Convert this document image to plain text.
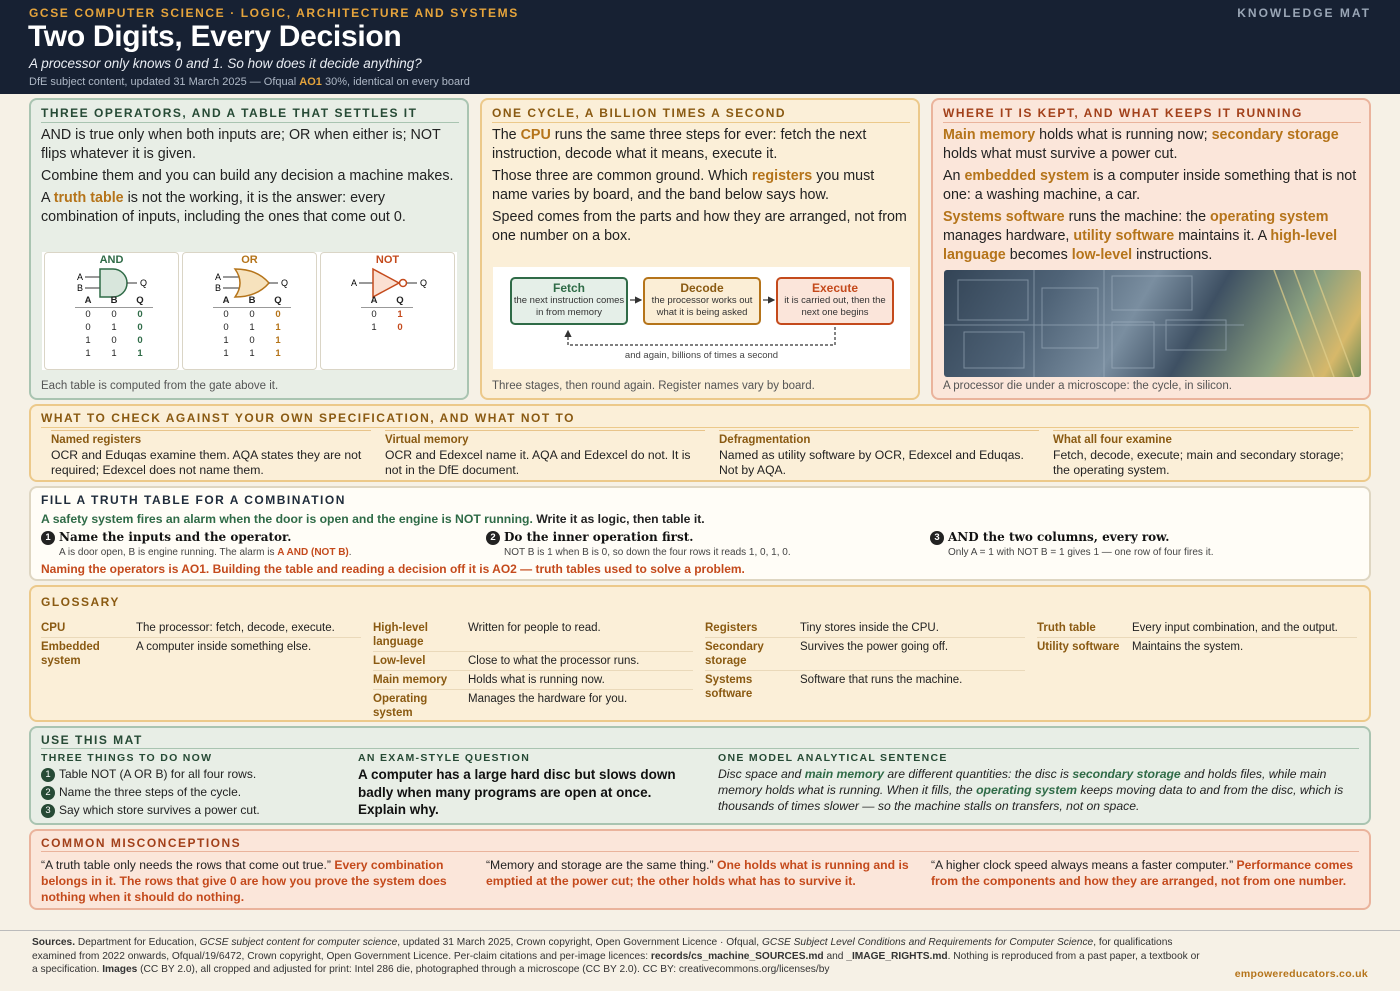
GCSE COMPUTER SCIENCE · LOGIC, ARCHITECTURE AND SYSTEMS	KNOWLEDGE MAT
Two Digits, Every Decision
A processor only knows 0 and 1. So how does it decide anything?
DfE subject content, updated 31 March 2025 — Ofqual AO1 30%, identical on every board
THREE OPERATORS, AND A TABLE THAT SETTLES IT

AND is true only when both inputs are; OR when either is; NOT flips whatever it is given.

Combine them and you can build any decision a machine makes.

A truth table is not the working, it is the answer: every combination of inputs, including the ones that come out 0.

AND
A
B	Q
A	B	Q
0	0	0
0	1	0
1	0	0
1	1	1
OR
A
B	Q
A	B	Q
0	0	0
0	1	1
1	0	1
1	1	1
NOT
A	Q
A	Q
0	1
1	0
Each table is computed from the gate above it.
ONE CYCLE, A BILLION TIMES A SECOND

The CPU runs the same three steps for ever: fetch the next instruction, decode what it means, execute it.

Those three are common ground. Which registers you must name varies by board, and the band below says how.

Speed comes from the parts and how they are arranged, not from one number on a box.

Fetch
the next instruction comes in from memory
Decode
the processor works out what it is being asked
Execute
it is carried out, then the next one begins
and again, billions of times a second
Three stages, then round again. Register names vary by board.
WHERE IT IS KEPT, AND WHAT KEEPS IT RUNNING

Main memory holds what is running now; secondary storage holds what must survive a power cut.

An embedded system is a computer inside something that is not one: a washing machine, a car.

Systems software runs the machine: the operating system manages hardware, utility software maintains it. A high-level language becomes low-level instructions.

A processor die under a microscope: the cycle, in silicon.
WHAT TO CHECK AGAINST YOUR OWN SPECIFICATION, AND WHAT NOT TO
Named registers
OCR and Eduqas examine them. AQA states they are not required; Edexcel does not name them.
Virtual memory
OCR and Edexcel name it. AQA and Edexcel do not. It is not in the DfE document.
Defragmentation
Named as utility software by OCR, Edexcel and Eduqas. Not by AQA.
What all four examine
Fetch, decode, execute; main and secondary storage; the operating system.
FILL A TRUTH TABLE FOR A COMBINATION
A safety system fires an alarm when the door is open and the engine is NOT running. Write it as logic, then table it.
1 Name the inputs and the operator.
A is door open, B is engine running. The alarm is A AND (NOT B).
2 Do the inner operation first.
NOT B is 1 when B is 0, so down the four rows it reads 1, 0, 1, 0.
3 AND the two columns, every row.
Only A = 1 with NOT B = 1 gives 1 — one row of four fires it.
Naming the operators is AO1. Building the table and reading a decision off it is AO2 — truth tables used to solve a problem.
GLOSSARY
CPU	The processor: fetch, decode, execute.
Embedded system
A computer inside something else.
High-level language
Written for people to read.
Low-level	Close to what the processor runs.
Main memory	Holds what is running now.
Operating system
Manages the hardware for you.
Registers	Tiny stores inside the CPU.
Secondary storage
Survives the power going off.
Systems software
Software that runs the machine.
Truth table	Every input combination, and the output.
Utility software	Maintains the system.
USE THIS MAT
THREE THINGS TO DO NOW
1 Table NOT (A OR B) for all four rows.
2 Name the three steps of the cycle.
3 Say which store survives a power cut.
AN EXAM-STYLE QUESTION
A computer has a large hard disc but slows down badly when many programs are open at once. Explain why.
ONE MODEL ANALYTICAL SENTENCE
Disc space and main memory are different quantities: the disc is secondary storage and holds files, while main memory holds what is running. When it fills, the operating system keeps moving data to and from the disc, which is thousands of times slower — so the machine stalls on transfers, not on space.
COMMON MISCONCEPTIONS
“A truth table only needs the rows that come out true.” Every combination belongs in it. The rows that give 0 are how you prove the system does nothing when it should do nothing.
“Memory and storage are the same thing.” One holds what is running and is emptied at the power cut; the other holds what has to survive it.
“A higher clock speed always means a faster computer.” Performance comes from the components and how they are arranged, not from one number.
Sources. Department for Education, GCSE subject content for computer science, updated 31 March 2025, Crown copyright, Open Government Licence · Ofqual, GCSE Subject Level Conditions and Requirements for Computer Science, for qualifications examined from 2022 onwards, Ofqual/19/6472, Crown copyright, Open Government Licence. Per-claim citations and per-image licences: records/cs_machine_SOURCES.md and _IMAGE_RIGHTS.md. Nothing is reproduced from a past paper, a textbook or a specification. Images (CC BY 2.0), all cropped and adjusted for print: Intel 286 die, photographed through a microscope (CC BY 2.0). CC BY: creativecommons.org/licenses/by	empowereducators.co.uk
